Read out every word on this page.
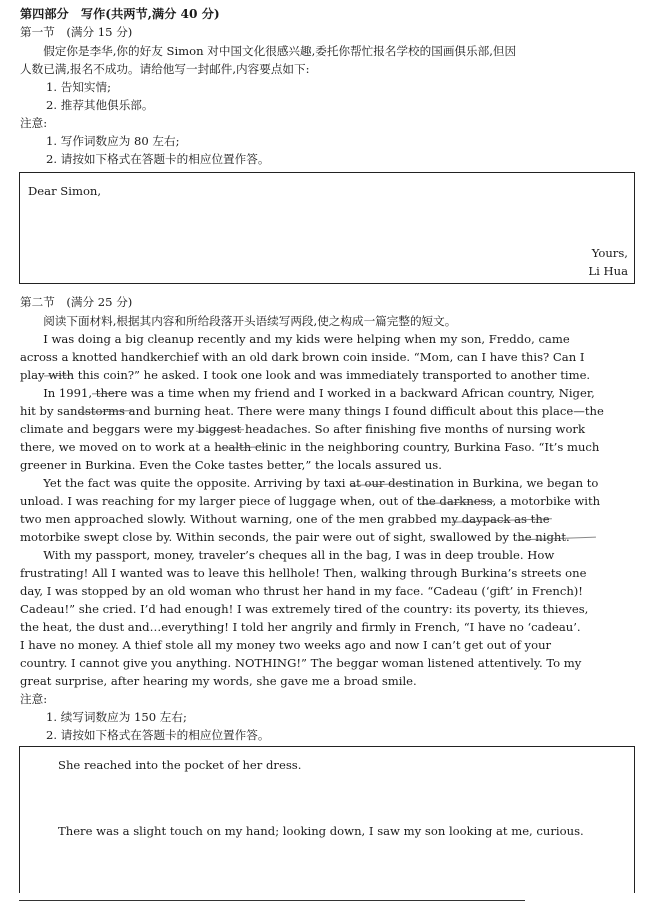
第四部分　写作(共两节,满分 40 分)
第一节　(满分 15 分)
　　假定你是李华,你的好友 Simon 对中国文化很感兴趣,委托你帮忙报名学校的国画俱乐部,但因
人数已满,报名不成功。请给他写一封邮件,内容要点如下:
1. 告知实情;
2. 推荐其他俱乐部。
注意:
1. 写作词数应为 80 左右;
2. 请按如下格式在答题卡的相应位置作答。
Dear Simon,
Yours,
Li Hua
第二节　(满分 25 分)
　　阅读下面材料,根据其内容和所给段落开头语续写两段,使之构成一篇完整的短文。
　　I was doing a big cleanup recently and my kids were helping when my son, Freddo, came
across a knotted handkerchief with an old dark brown coin inside. “Mom, can I have this? Can I
play with this coin?” he asked. I took one look and was immediately transported to another time.
　　In 1991, there was a time when my friend and I worked in a backward African country, Niger,
hit by sandstorms and burning heat. There were many things I found difficult about this place—the
climate and beggars were my biggest headaches. So after finishing five months of nursing work
there, we moved on to work at a health clinic in the neighboring country, Burkina Faso. “It’s much
greener in Burkina. Even the Coke tastes better,” the locals assured us.
　　Yet the fact was quite the opposite. Arriving by taxi at our destination in Burkina, we began to
unload. I was reaching for my larger piece of luggage when, out of the darkness, a motorbike with
two men approached slowly. Without warning, one of the men grabbed my daypack as the
motorbike swept close by. Within seconds, the pair were out of sight, swallowed by the night.
　　With my passport, money, traveler’s cheques all in the bag, I was in deep trouble. How
frustrating! All I wanted was to leave this hellhole! Then, walking through Burkina’s streets one
day, I was stopped by an old woman who thrust her hand in my face. “Cadeau (‘gift’ in French)!
Cadeau!” she cried. I’d had enough! I was extremely tired of the country: its poverty, its thieves,
the heat, the dust and…everything! I told her angrily and firmly in French, “I have no ‘cadeau’.
I have no money. A thief stole all my money two weeks ago and now I can’t get out of your
country. I cannot give you anything. NOTHING!” The beggar woman listened attentively. To my
great surprise, after hearing my words, she gave me a broad smile.
注意:
1. 续写词数应为 150 左右;
2. 请按如下格式在答题卡的相应位置作答。
She reached into the pocket of her dress.
There was a slight touch on my hand; looking down, I saw my son looking at me, curious.
